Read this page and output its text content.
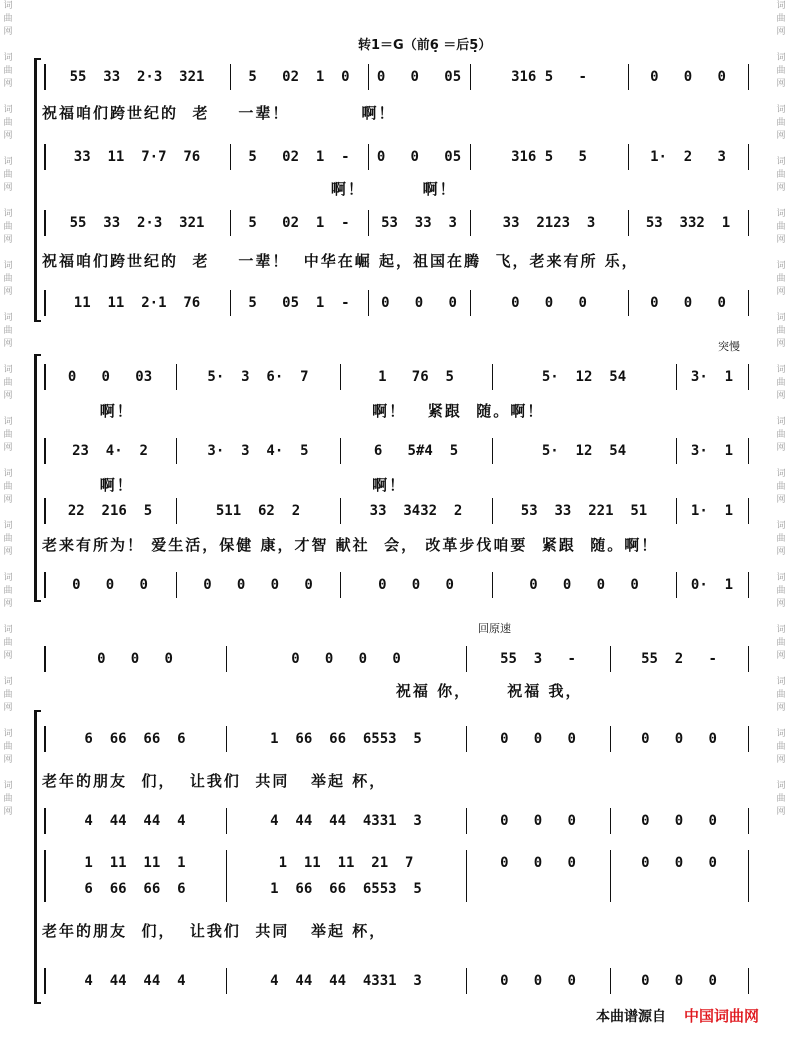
词
曲
网

词
曲
网

词
曲
网

词
曲
网

词
曲
网

词
曲
网

词
曲
网

词
曲
网

词
曲
网

词
曲
网

词
曲
网

词
曲
网

词
曲
网

词
曲
网

词
曲
网

词
曲
网
词
曲
网

词
曲
网

词
曲
网

词
曲
网

词
曲
网

词
曲
网

词
曲
网

词
曲
网

词
曲
网

词
曲
网

词
曲
网

词
曲
网

词
曲
网

词
曲
网

词
曲
网

词
曲
网
转1＝G（前6̣ ＝后5̣）
突慢
回原速
55  33  2·3  321	5   02  1  0	0   0   05	316 5   -	0   0   0
祝福咱们跨世纪的  老    一辈！          啊！
33  11  7·7  76	5   02  1  -	0   0   05	316 5   5	1·  2   3
啊！        啊！
55  33  2·3  321	5   02  1  -	53  33  3	33  2123  3	53  332  1
祝福咱们跨世纪的  老    一辈！  中华在崛 起，祖国在腾  飞，老来有所 乐，
11  11  2·1  76	5   05  1  -	0   0   0	0   0   0	0   0   0
0   0   03	5·  3  6·  7	1   76  5	5·  12  54	3·  1
啊！                                 啊！   紧跟  随。啊！
23  4·  2	3·  3  4·  5	6   5#4  5	5·  12  54	3·  1
啊！                                 啊！
22  216  5	511  62  2	33  3432  2	53  33  221  51	1·  1
老来有所为！ 爱生活，保健 康，才智 献社  会， 改革步伐咱要  紧跟  随。啊！
0   0   0	0   0   0   0	0   0   0	0   0   0   0	0·  1
0   0   0	0   0   0   0	55  3   -	55  2   -
祝福 你，     祝福 我，
6  66  66  6	1  66  66  6553  5	0   0   0	0   0   0
老年的朋友  们，  让我们  共同   举起 杯，
4  44  44  4	4  44  44  4331  3	0   0   0	0   0   0
1  11  11  1	1  11  11  21  7	0   0   0	0   0   0
6  66  66  6	1  66  66  6553  5
老年的朋友  们，  让我们  共同   举起 杯，
4  44  44  4	4  44  44  4331  3	0   0   0	0   0   0
本曲谱源自 中国词曲网
